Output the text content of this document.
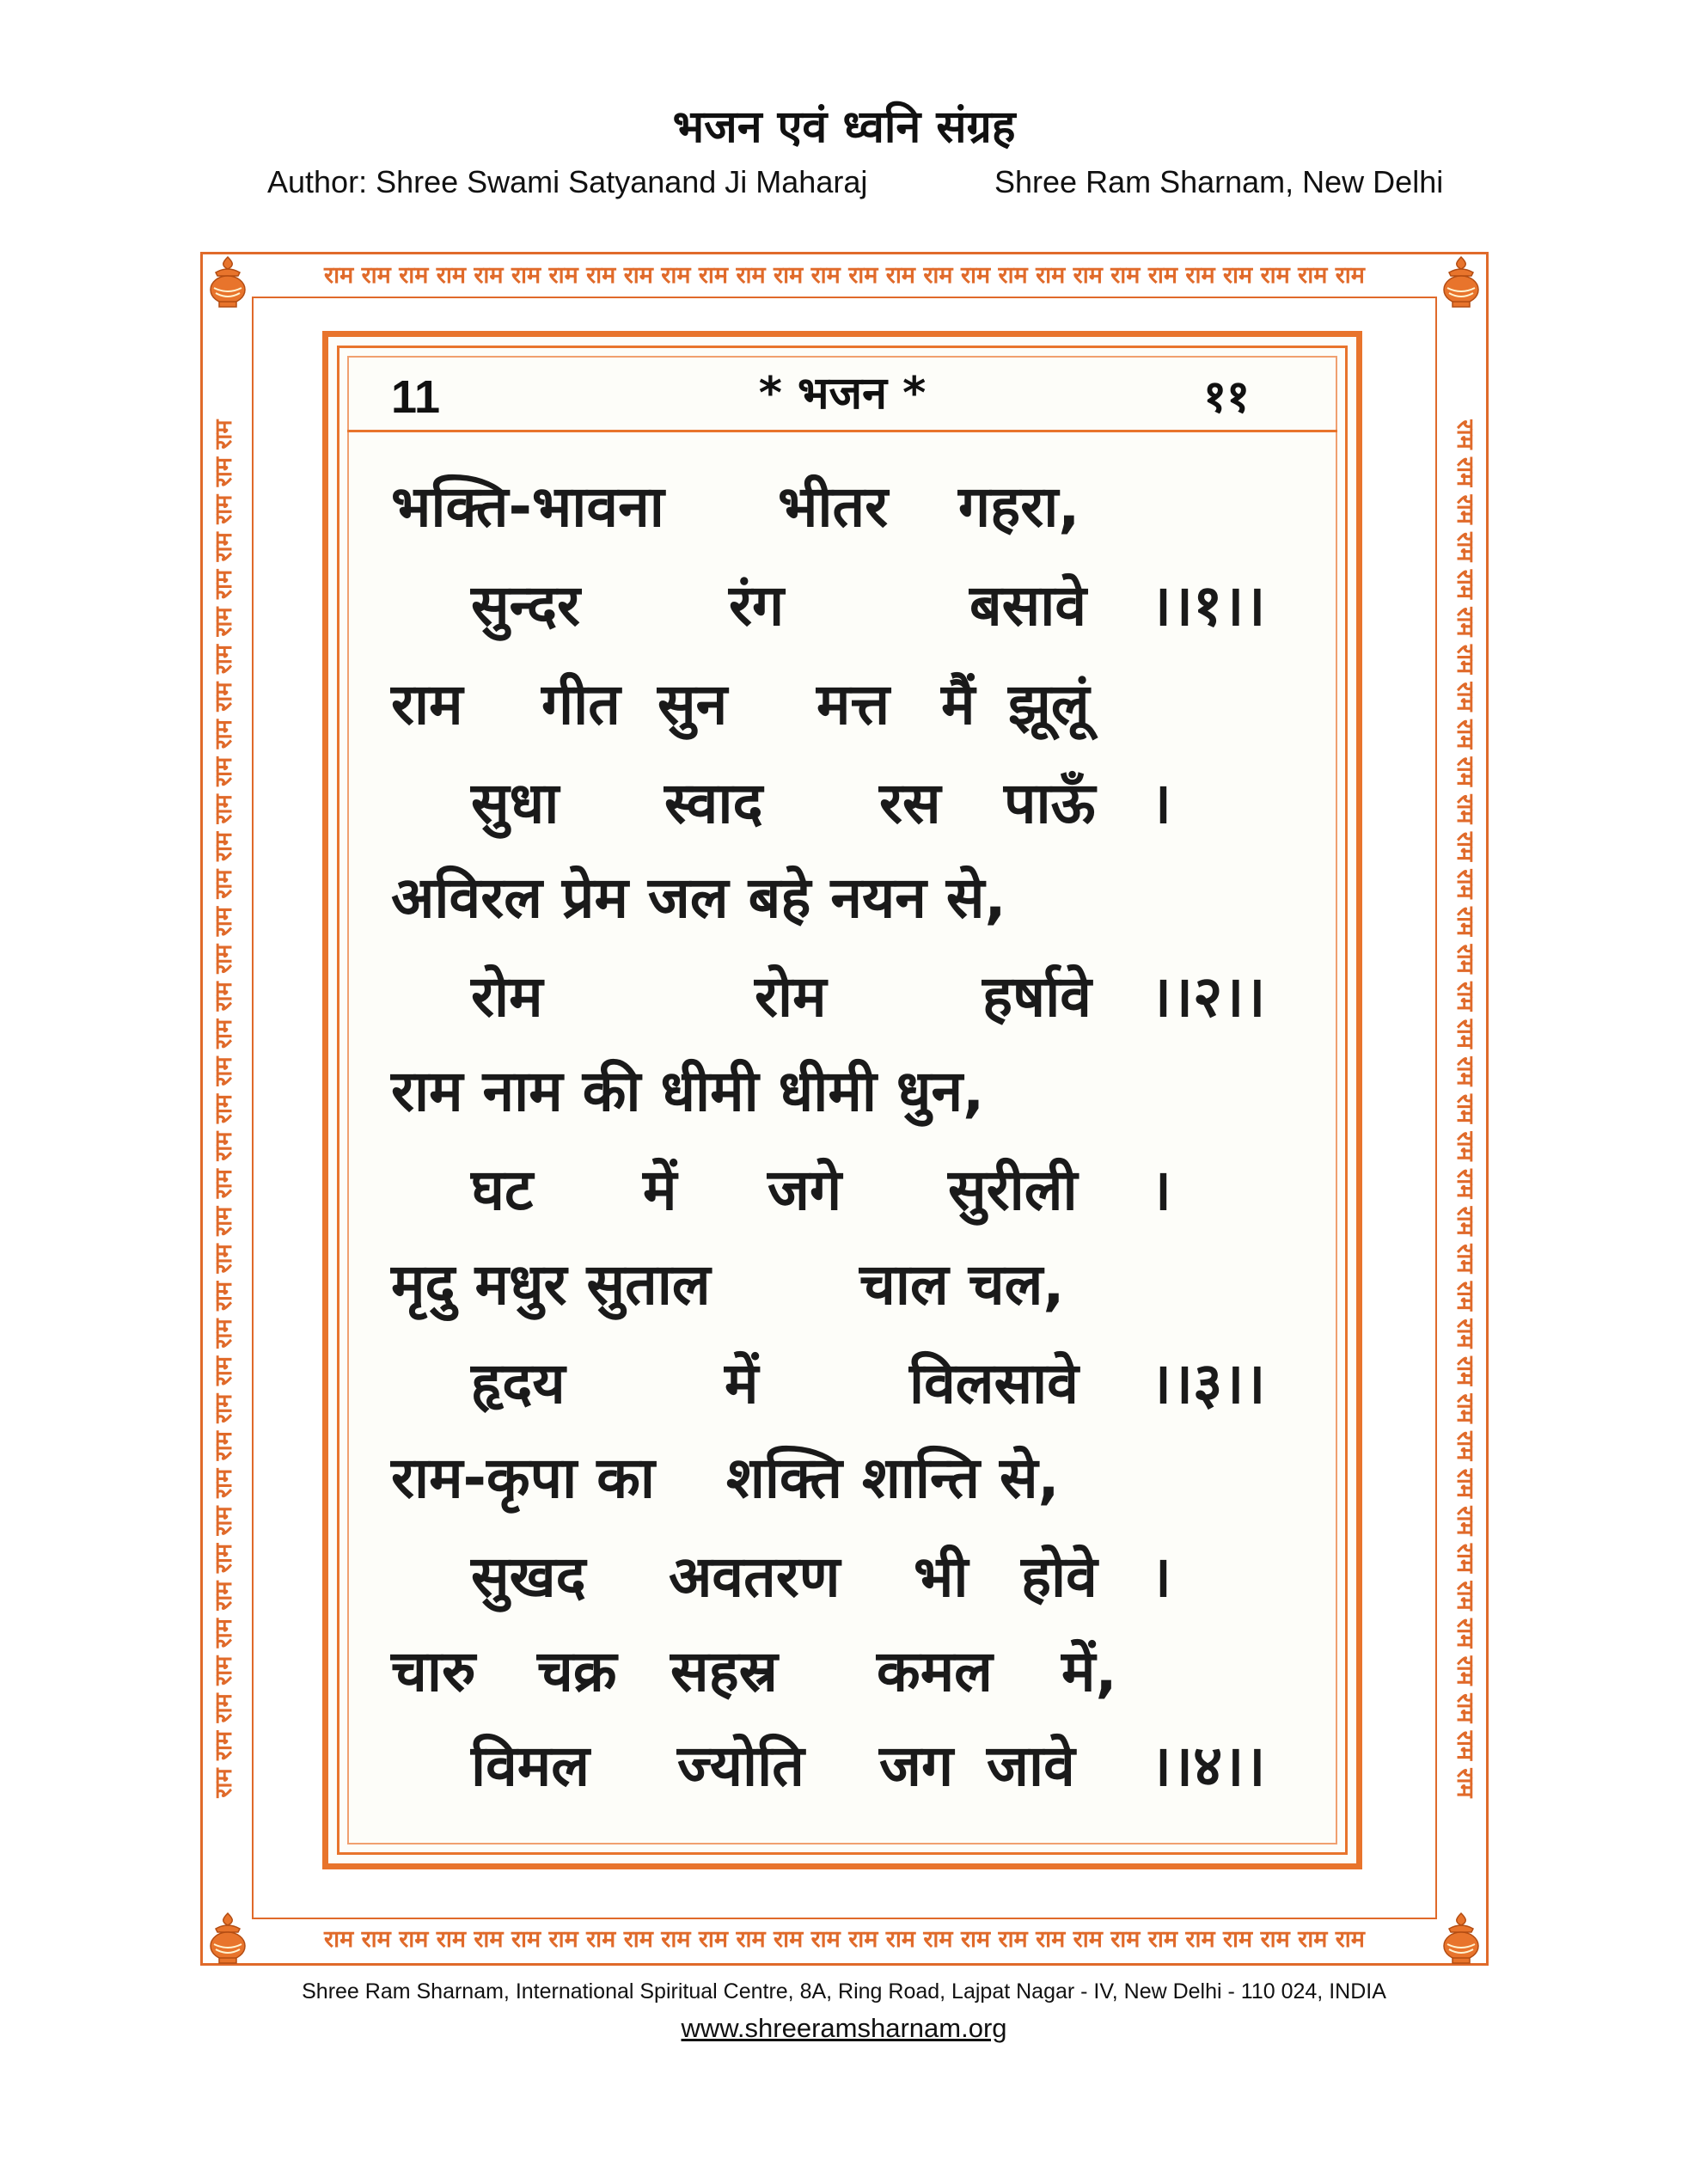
भजन एवं ध्वनि संग्रह
Author: Shree Swami Satyanand Ji Maharaj	Shree Ram Sharnam, New Delhi
राम राम राम राम राम राम राम राम राम राम राम राम राम राम राम राम राम राम राम राम राम राम राम राम राम राम राम राम
राम राम राम राम राम राम राम राम राम राम राम राम राम राम राम राम राम राम राम राम राम राम राम राम राम राम राम राम
राम राम राम राम राम राम राम राम राम राम राम राम राम राम राम राम राम राम राम राम राम राम राम राम राम राम राम राम राम राम राम राम राम राम राम राम राम	राम राम राम राम राम राम राम राम राम राम राम राम राम राम राम राम राम राम राम राम राम राम राम राम राम राम राम राम राम राम राम राम राम राम राम राम राम
11	* भजन *	११
भक्ति-भावना भीतर गहरा,
सुन्दर	रंग	बसावे ।।१।।
राम गीत सुन मत्त मैं झूलूं
सुधा स्वाद रस पाऊँ ।
अविरल प्रेम जल बहे नयन से,
रोम	रोम	हर्षावे ।।२।।
राम नाम की धीमी धीमी धुन,
घट में जगे सुरीली ।
मृदु मधुर सुताल	चाल चल,
हृदय	में	विलसावे ।।३।।
राम-कृपा का शक्ति शान्ति से,
सुखद अवतरण भी होवे ।
चारु चक्र सहस्र कमल में,
विमल ज्योति जग जावे ।।४।।
Shree Ram Sharnam, International Spiritual Centre, 8A, Ring Road, Lajpat Nagar - IV, New Delhi - 110 024, INDIA
www.shreeramsharnam.org
